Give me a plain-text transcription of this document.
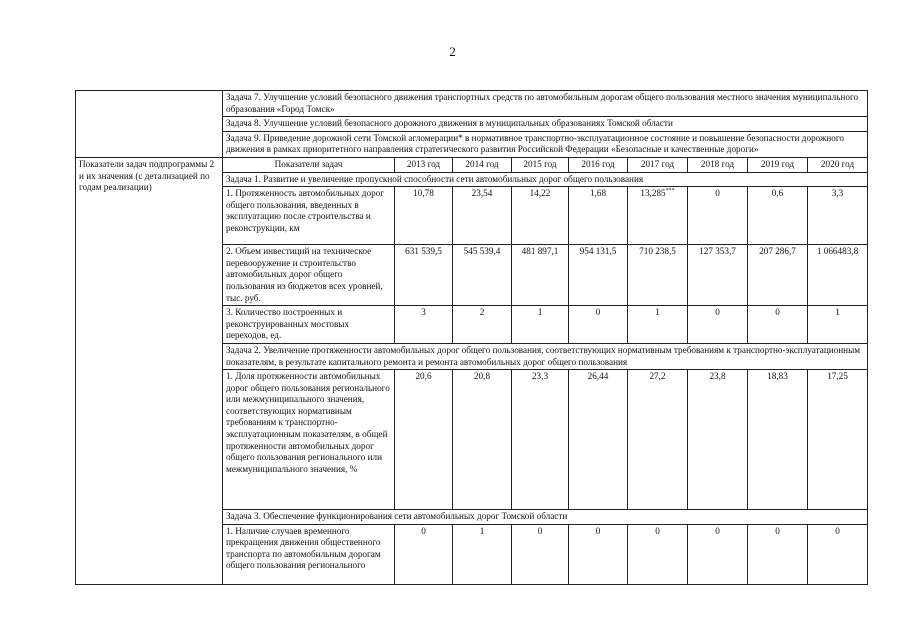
2
	Задача 7. Улучшение условий безопасного движения транспортных средств по автомобильным дорогам общего пользования местного значения муниципального образования «Город Томск»								
	Задача 8. Улучшение условий безопасного дорожного движения в муниципальных образованиях Томской области								
	Задача 9. Приведение дорожной сети Томской агломерации* в нормативное транспортно-эксплуатационное состояние и повышение безопасности дорожного движения в рамках приоритетного направления стратегического развития Российской Федерации «Безопасные и качественные дороги»								
Показатели задач подпрограммы 2 и их значения (с детализацией по годам реализации)	Показатели задач	2013 год	2014 год	2015 год	2016 год	2017 год	2018 год	2019 год	2020 год
	Задача 1. Развитие и увеличение пропускной способности сети автомобильных дорог общего пользования								
	1. Протяженность автомобильных дорог общего пользования, введенных в эксплуатацию после строительства и реконструкции, км	10,78	23,54	14,22	1,68	13,285***	0	0,6	3,3
	2. Объем инвестиций на техническое перевооружение и строительство автомобильных дорог общего пользования из бюджетов всех уровней, тыс. руб.	631 539,5	545 539,4	481 897,1	954 131,5	710 238,5	127 353,7	207 286,7	1 066483,8
	3. Количество построенных и реконструированных мостовых переходов, ед.	3	2	1	0	1	0	0	1
	Задача 2. Увеличение протяженности автомобильных дорог общего пользования, соответствующих нормативным требованиям к транспортно-эксплуатационным показателям, в результате капитального ремонта и ремонта автомобильных дорог общего пользования								
	1. Доля протяженности автомобильных дорог общего пользования регионального или межмуниципального значения, соответствующих нормативным требованиям к транспортно-эксплуатационным показателям, в общей протяженности автомобильных дорог общего пользования регионального или межмуниципального значения, %	20,6	20,8	23,3	26,44	27,2	23,8	18,83	17,25
	Задача 3. Обеспечение функционирования сети автомобильных дорог Томской области								
	1. Наличие случаев временного прекращения движения общественного транспорта по автомобильным дорогам общего пользования регионального	0	1	0	0	0	0	0	0
